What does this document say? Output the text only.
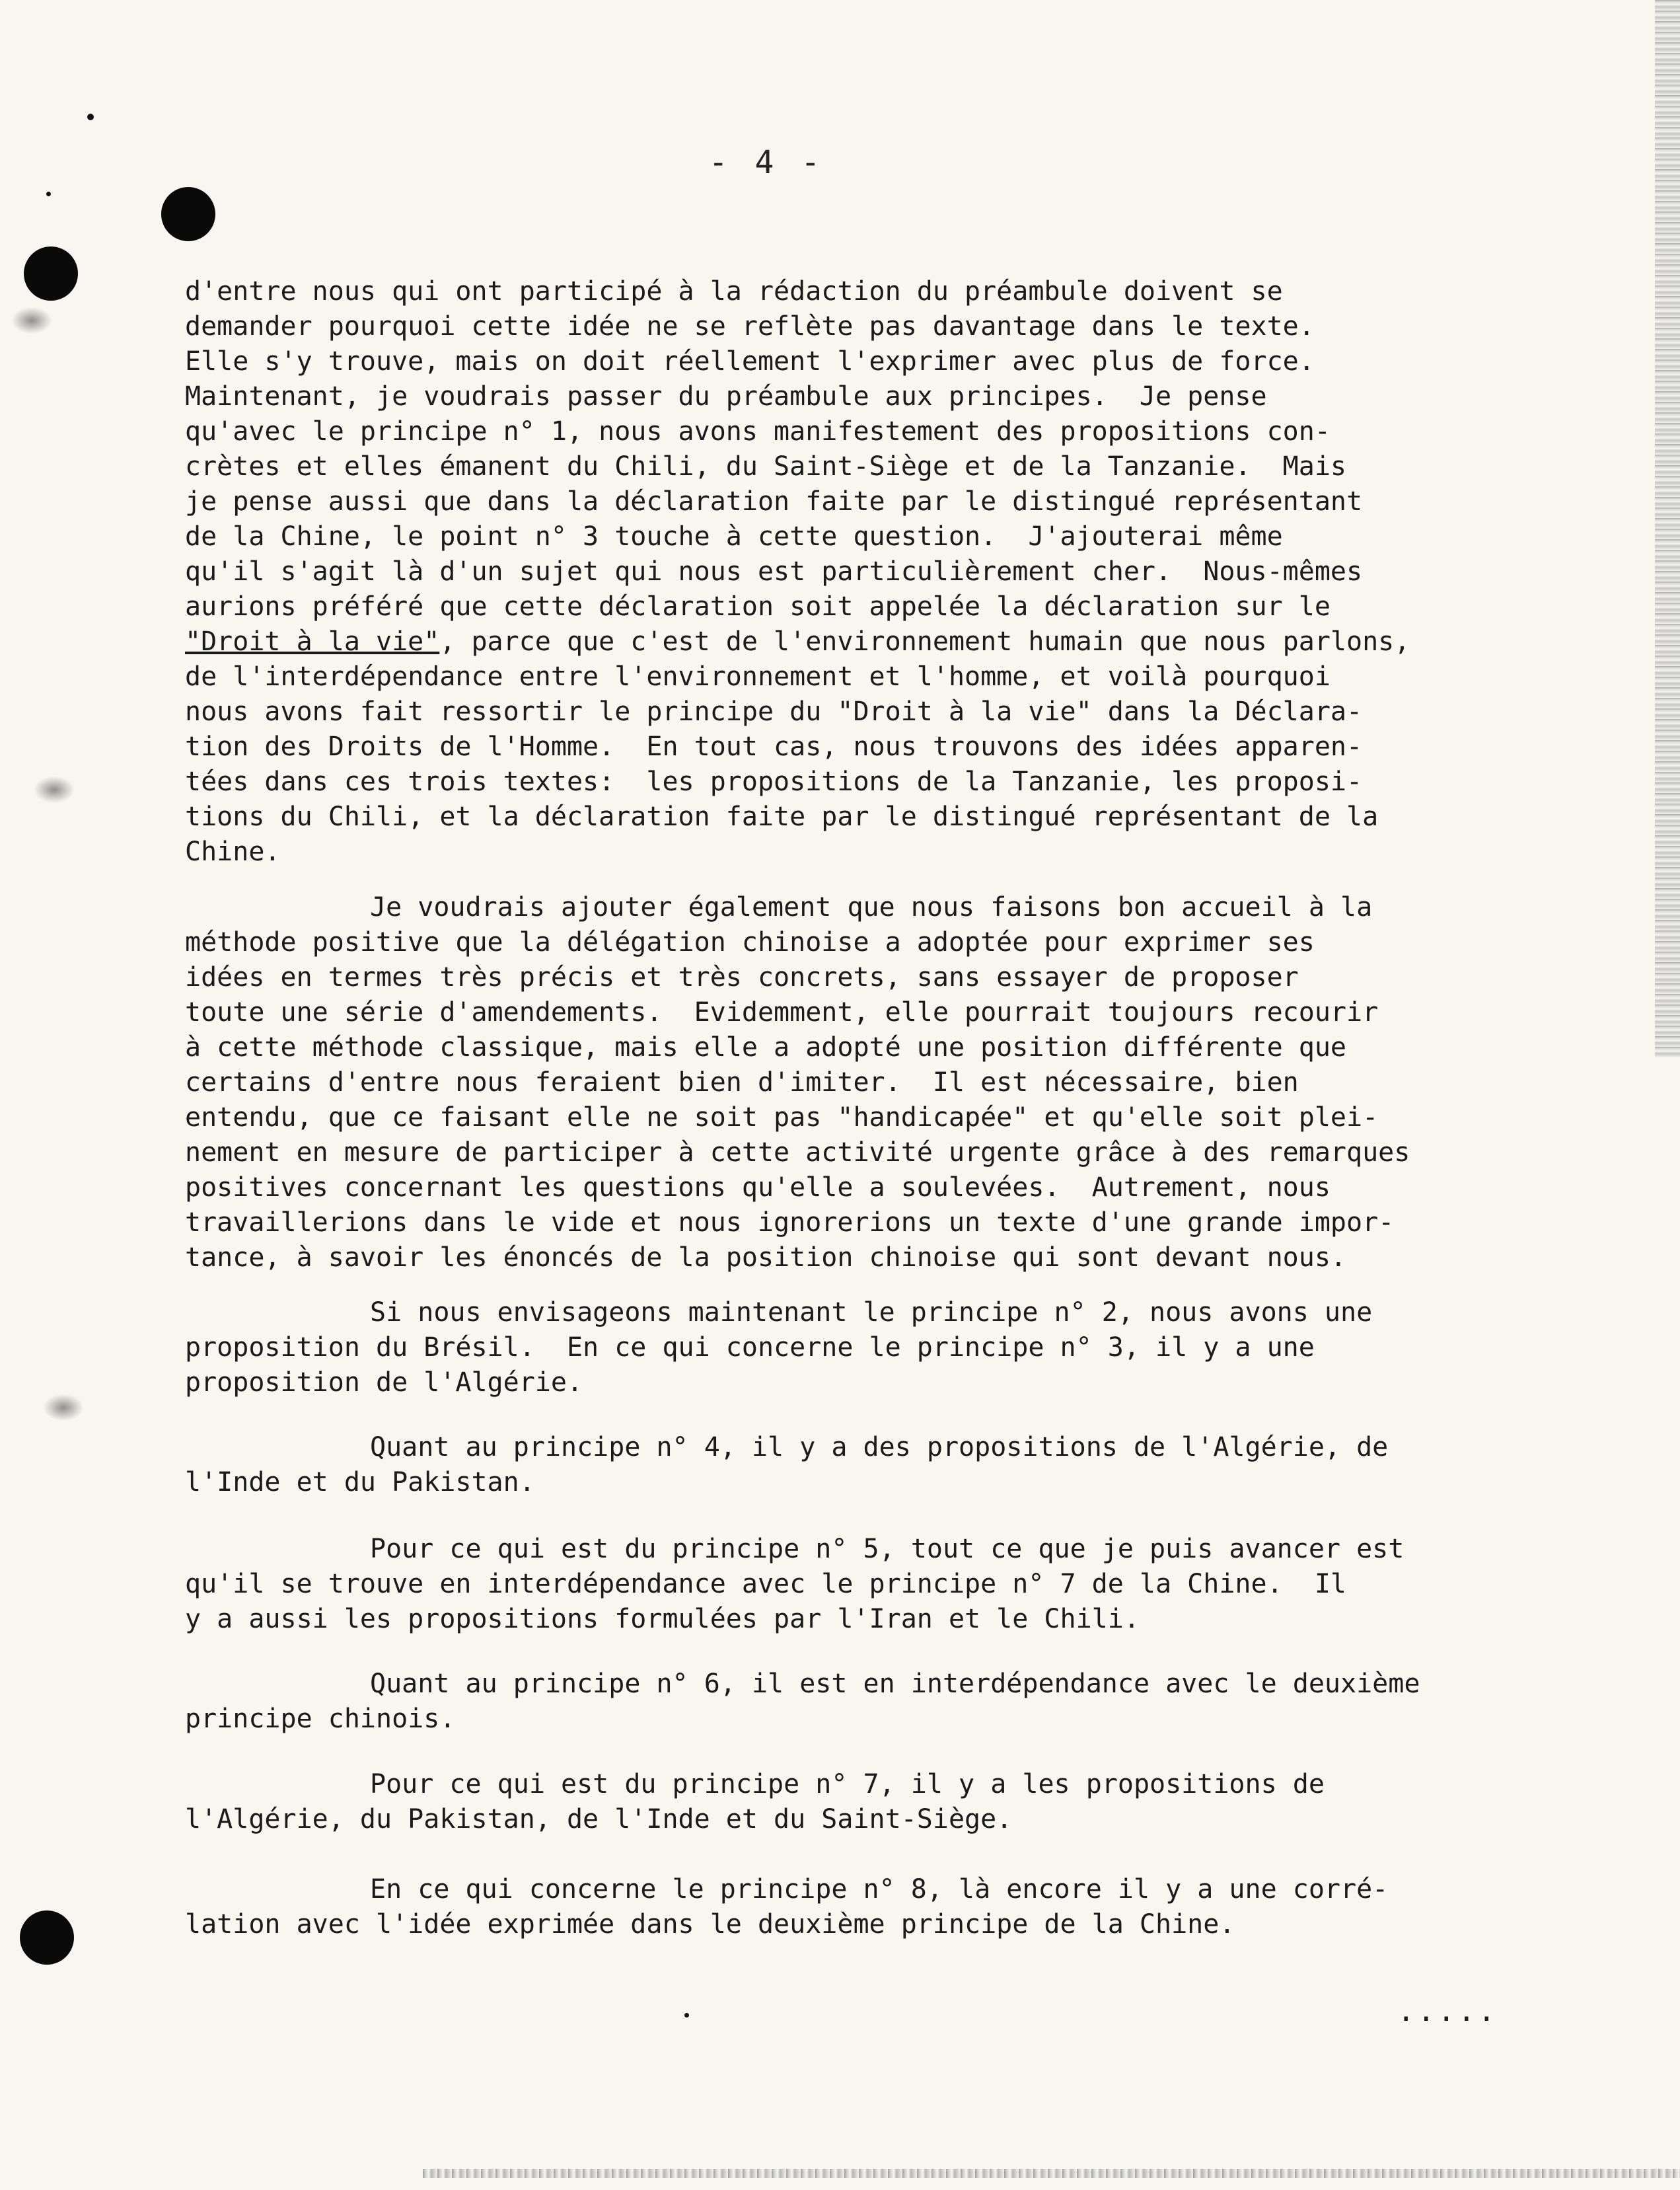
- 4 -
d'entre nous qui ont participé à la rédaction du préambule doivent se
demander pourquoi cette idée ne se reflète pas davantage dans le texte.
Elle s'y trouve, mais on doit réellement l'exprimer avec plus de force.
Maintenant, je voudrais passer du préambule aux principes.  Je pense
qu'avec le principe n° 1, nous avons manifestement des propositions con-
crètes et elles émanent du Chili, du Saint-Siège et de la Tanzanie.  Mais
je pense aussi que dans la déclaration faite par le distingué représentant
de la Chine, le point n° 3 touche à cette question.  J'ajouterai même
qu'il s'agit là d'un sujet qui nous est particulièrement cher.  Nous-mêmes
aurions préféré que cette déclaration soit appelée la déclaration sur le
"Droit à la vie", parce que c'est de l'environnement humain que nous parlons,
de l'interdépendance entre l'environnement et l'homme, et voilà pourquoi
nous avons fait ressortir le principe du "Droit à la vie" dans la Déclara-
tion des Droits de l'Homme.  En tout cas, nous trouvons des idées apparen-
tées dans ces trois textes:  les propositions de la Tanzanie, les proposi-
tions du Chili, et la déclaration faite par le distingué représentant de la
Chine.
Je voudrais ajouter également que nous faisons bon accueil à la
méthode positive que la délégation chinoise a adoptée pour exprimer ses
idées en termes très précis et très concrets, sans essayer de proposer
toute une série d'amendements.  Evidemment, elle pourrait toujours recourir
à cette méthode classique, mais elle a adopté une position différente que
certains d'entre nous feraient bien d'imiter.  Il est nécessaire, bien
entendu, que ce faisant elle ne soit pas "handicapée" et qu'elle soit plei-
nement en mesure de participer à cette activité urgente grâce à des remarques
positives concernant les questions qu'elle a soulevées.  Autrement, nous
travaillerions dans le vide et nous ignorerions un texte d'une grande impor-
tance, à savoir les énoncés de la position chinoise qui sont devant nous.
Si nous envisageons maintenant le principe n° 2, nous avons une
proposition du Brésil.  En ce qui concerne le principe n° 3, il y a une
proposition de l'Algérie.
Quant au principe n° 4, il y a des propositions de l'Algérie, de
l'Inde et du Pakistan.
Pour ce qui est du principe n° 5, tout ce que je puis avancer est
qu'il se trouve en interdépendance avec le principe n° 7 de la Chine.  Il
y a aussi les propositions formulées par l'Iran et le Chili.
Quant au principe n° 6, il est en interdépendance avec le deuxième
principe chinois.
Pour ce qui est du principe n° 7, il y a les propositions de
l'Algérie, du Pakistan, de l'Inde et du Saint-Siège.
En ce qui concerne le principe n° 8, là encore il y a une corré-
lation avec l'idée exprimée dans le deuxième principe de la Chine.
.....
